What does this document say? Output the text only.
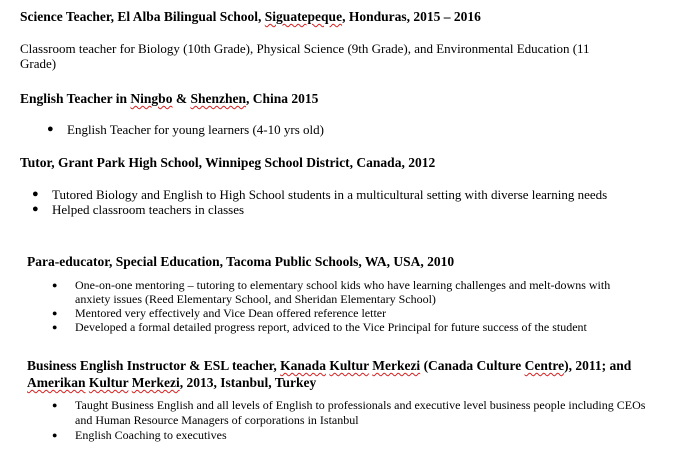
Science Teacher, El Alba Bilingual School, Siguatepeque, Honduras, 2015 – 2016
Classroom teacher for Biology (10th Grade), Physical Science (9th Grade), and Environmental Education (11 Grade)
English Teacher in Ningbo & Shenzhen, China 2015
● English Teacher for young learners (4-10 yrs old)
Tutor, Grant Park High School, Winnipeg School District, Canada, 2012
● Tutored Biology and English to High School students in a multicultural setting with diverse learning needs
● Helped classroom teachers in classes
Para-educator, Special Education, Tacoma Public Schools, WA, USA, 2010
● One-on-one mentoring – tutoring to elementary school kids who have learning challenges and melt-downs with anxiety issues (Reed Elementary School, and Sheridan Elementary School)
● Mentored very effectively and Vice Dean offered reference letter
● Developed a formal detailed progress report, adviced to the Vice Principal for future success of the student
Business English Instructor & ESL teacher, Kanada Kultur Merkezi (Canada Culture Centre), 2011; and Amerikan Kultur Merkezi, 2013, Istanbul, Turkey
● Taught Business English and all levels of English to professionals and executive level business people including CEOs and Human Resource Managers of corporations in Istanbul
● English Coaching to executives
